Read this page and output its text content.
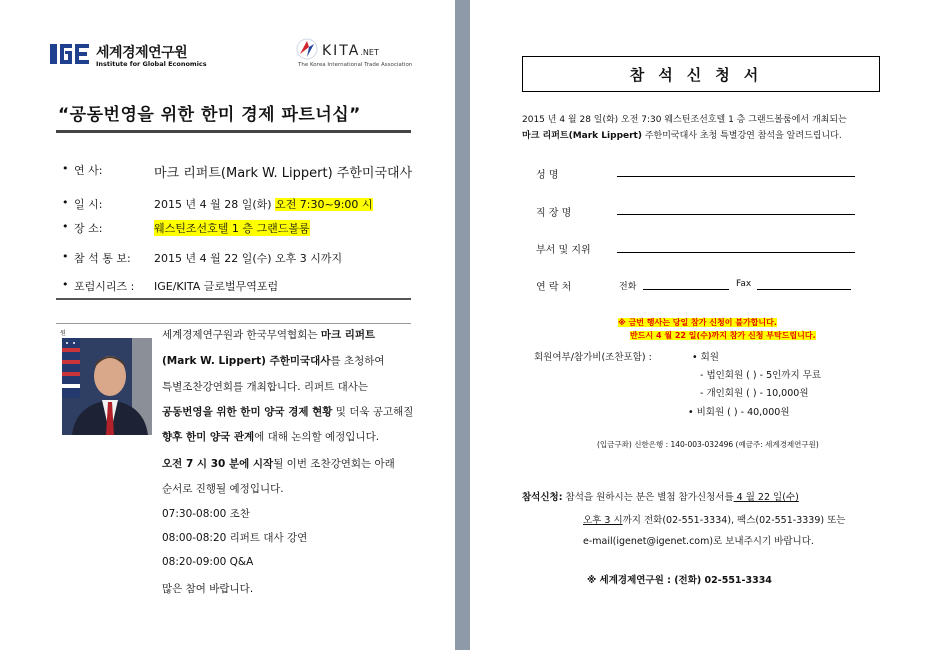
세계경제연구원
Institute for Global Economics
KITA.NET
The Korea International Trade Association
“공동번영을 위한 한미 경제 파트너십”
• 연 사:	마크 리퍼트(Mark W. Lippert) 주한미국대사
• 일 시:	2015 년 4 월 28 일(화) 오전 7:30~9:00 시
• 장 소:	웨스틴조선호텔 1 층 그랜드볼룸
• 참 석 통 보:	2015 년 4 월 22 일(수) 오후 3 시까지
• 포럼시리즈 :	IGE/KITA 글로벌무역포럼
원	세계경제연구원과 한국무역협회는 마크 리퍼트
(Mark W. Lippert) 주한미국대사를 초청하여
특별조찬강연회를 개최합니다. 리퍼트 대사는
공동번영을 위한 한미 양국 경제 현황 및 더욱 공고해질
향후 한미 양국 관계에 대해 논의할 예정입니다.
오전 7 시 30 분에 시작될 이번 조찬강연회는 아래
순서로 진행될 예정입니다.
07:30-08:00 조찬
08:00-08:20 리퍼트 대사 강연
08:20-09:00 Q&A
많은 참여 바랍니다.
참석신청서
2015 년 4 월 28 일(화) 오전 7:30 웨스틴조선호텔 1 층 그랜드볼룸에서 개최되는
마크 리퍼트(Mark Lippert) 주한미국대사 초청 특별강연 참석을 알려드립니다.
성 명
직 장 명
부서 및 지위
연 락 처	전화	Fax
※ 금번 행사는 당일 참가 신청이 불가합니다.
반드시 4 월 22 일(수)까지 참가 신청 부탁드립니다.
회원여부/참가비(조찬포함) :	• 회원
- 법인회원 ( ) - 5인까지 무료
- 개인회원 ( ) - 10,000원
• 비회원 ( ) - 40,000원
(입금구좌) 신한은행 : 140-003-032496 (예금주: 세계경제연구원)
참석신청: 참석을 원하시는 분은 별첨 참가신청서를 4 월 22 일(수)
오후 3 시까지 전화(02-551-3334), 팩스(02-551-3339) 또는
e-mail(igenet@igenet.com)로 보내주시기 바랍니다.
※ 세계경제연구원 : (전화) 02-551-3334
